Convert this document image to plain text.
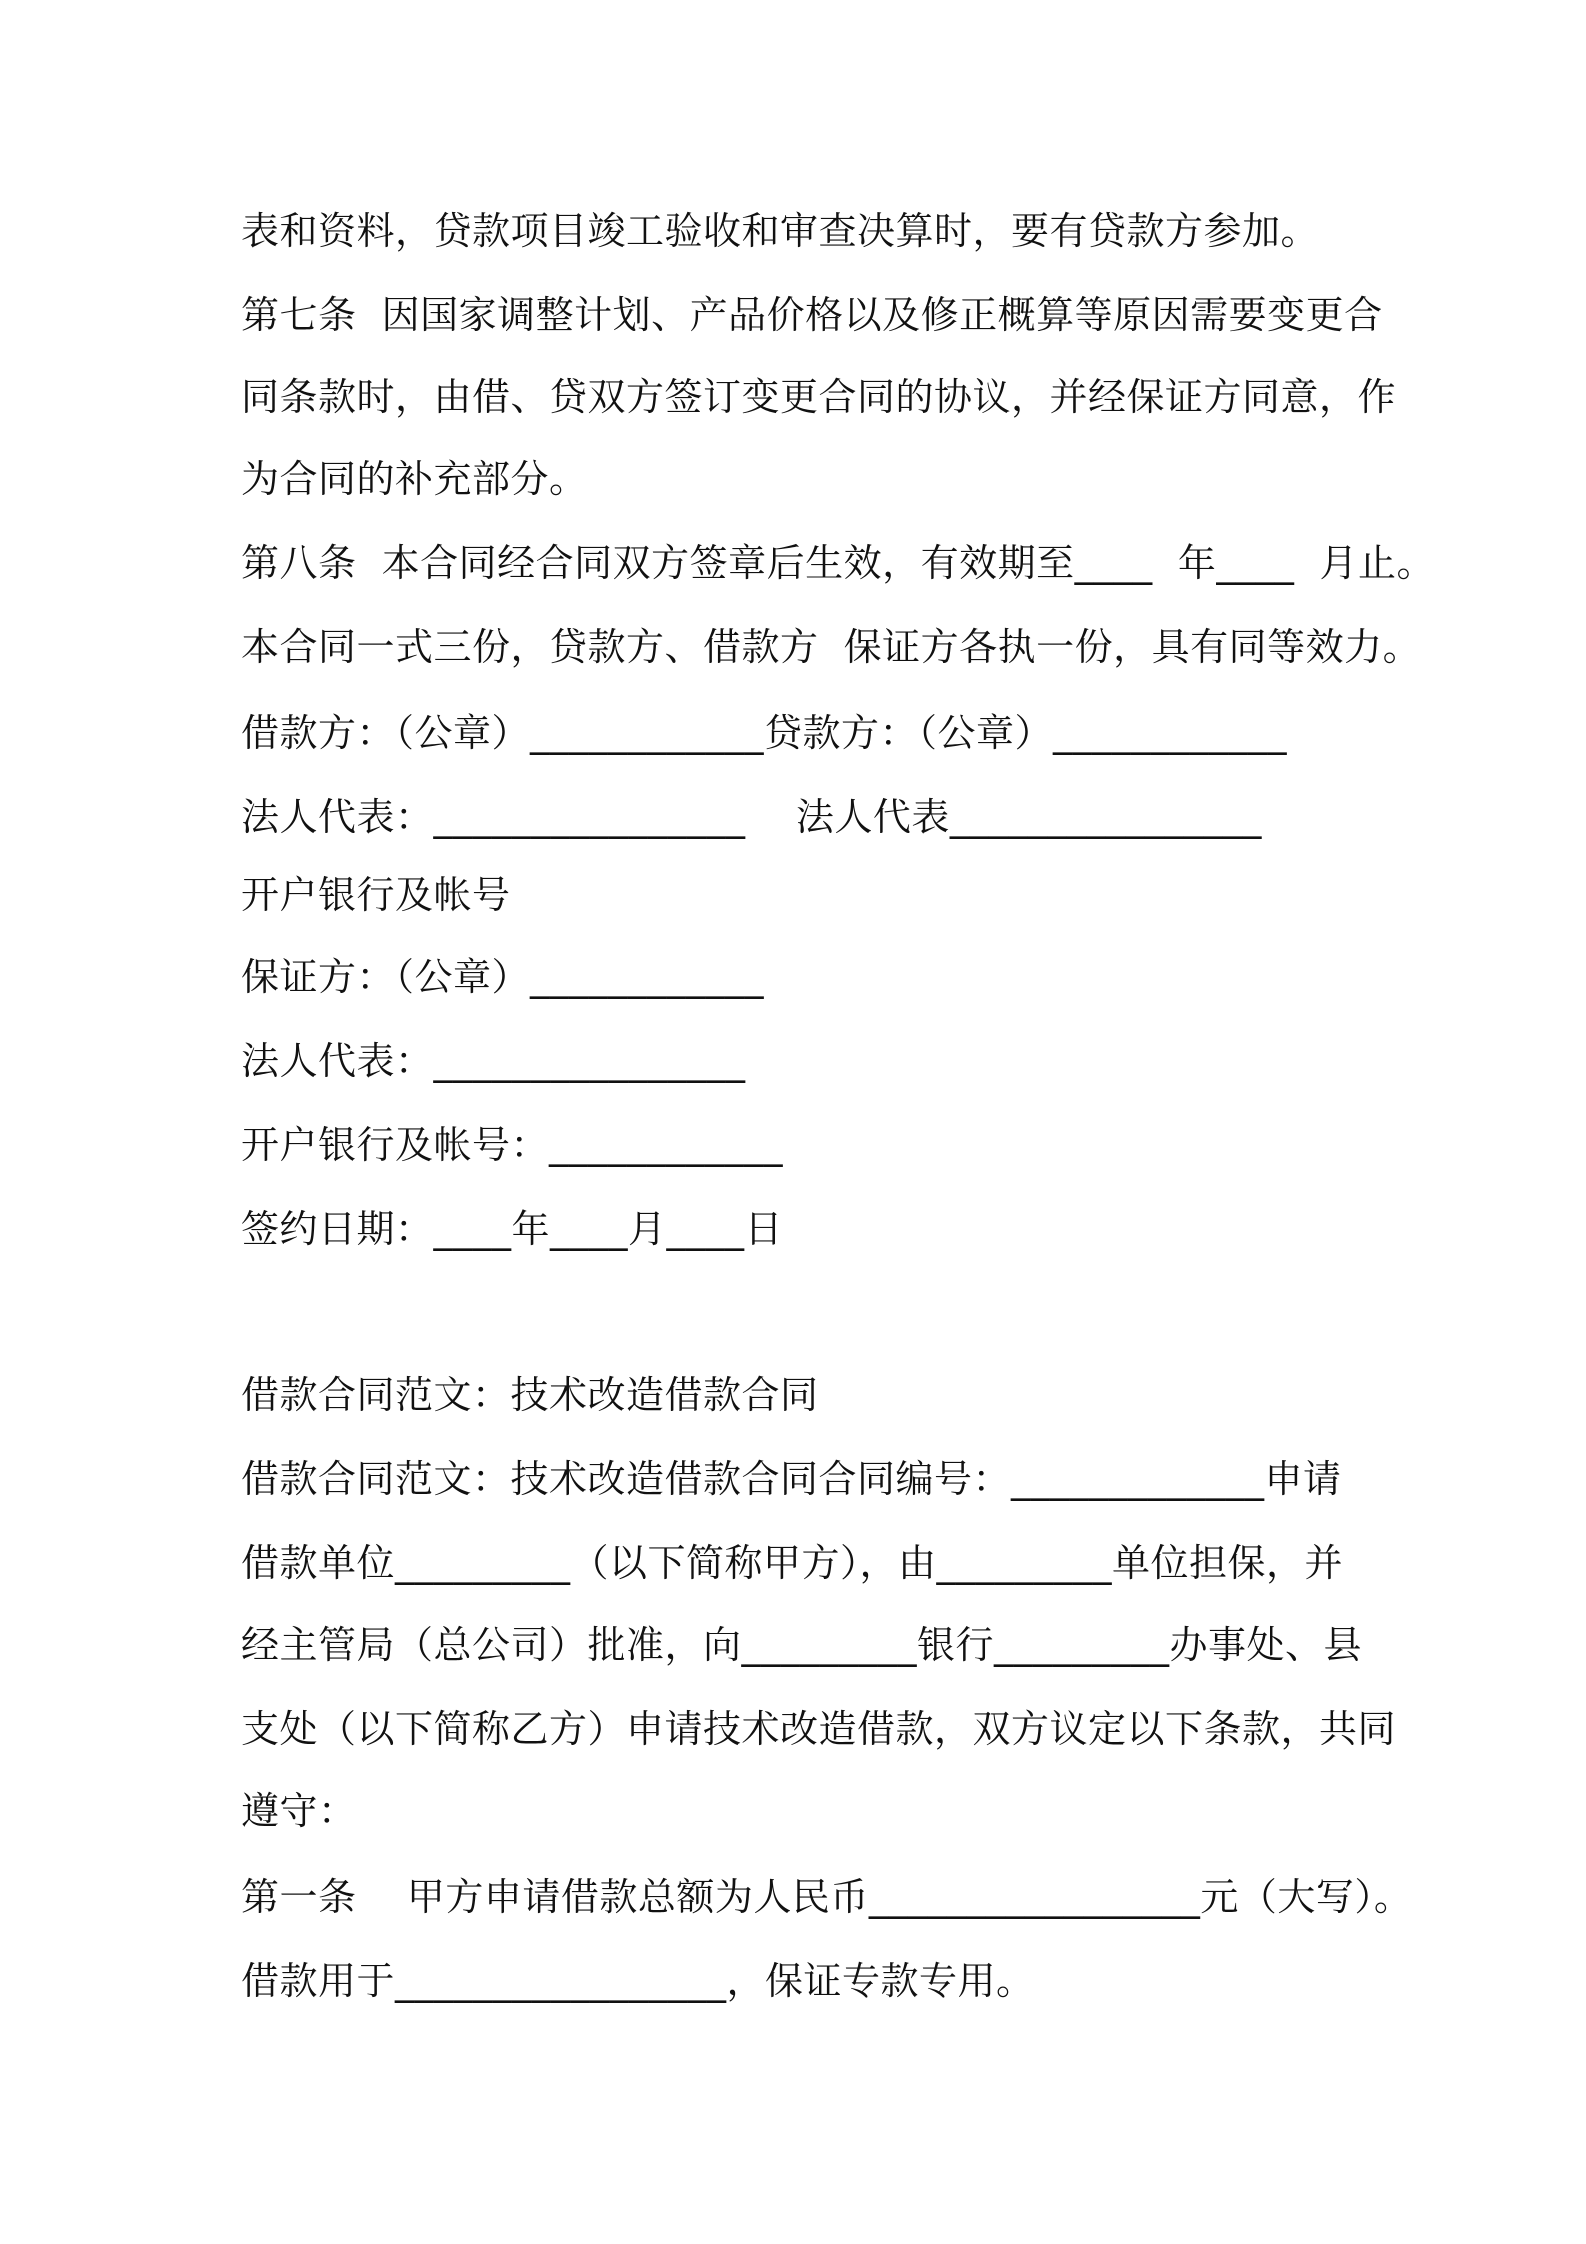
表和资料，贷款项目竣工验收和审查决算时，要有贷款方参加。
第七条  因国家调整计划、产品价格以及修正概算等原因需要变更合
同条款时，由借、贷双方签订变更合同的协议，并经保证方同意，作
为合同的补充部分。
第八条  本合同经合同双方签章后生效，有效期至____  年____  月止。
本合同一式三份，贷款方、借款方  保证方各执一份，具有同等效力。
借款方：（公章）____________贷款方：（公章）____________
法人代表：________________    法人代表________________
开户银行及帐号
保证方：（公章）____________
法人代表：________________
开户银行及帐号：____________
签约日期：____年____月____日
借款合同范文：技术改造借款合同
借款合同范文：技术改造借款合同合同编号：_____________申请
借款单位_________（以下简称甲方），由_________单位担保，并
经主管局（总公司）批准，向_________银行_________办事处、县
支处（以下简称乙方）申请技术改造借款，双方议定以下条款，共同
遵守：
第一条    甲方申请借款总额为人民币_________________元（大写）。
借款用于_________________，保证专款专用。
